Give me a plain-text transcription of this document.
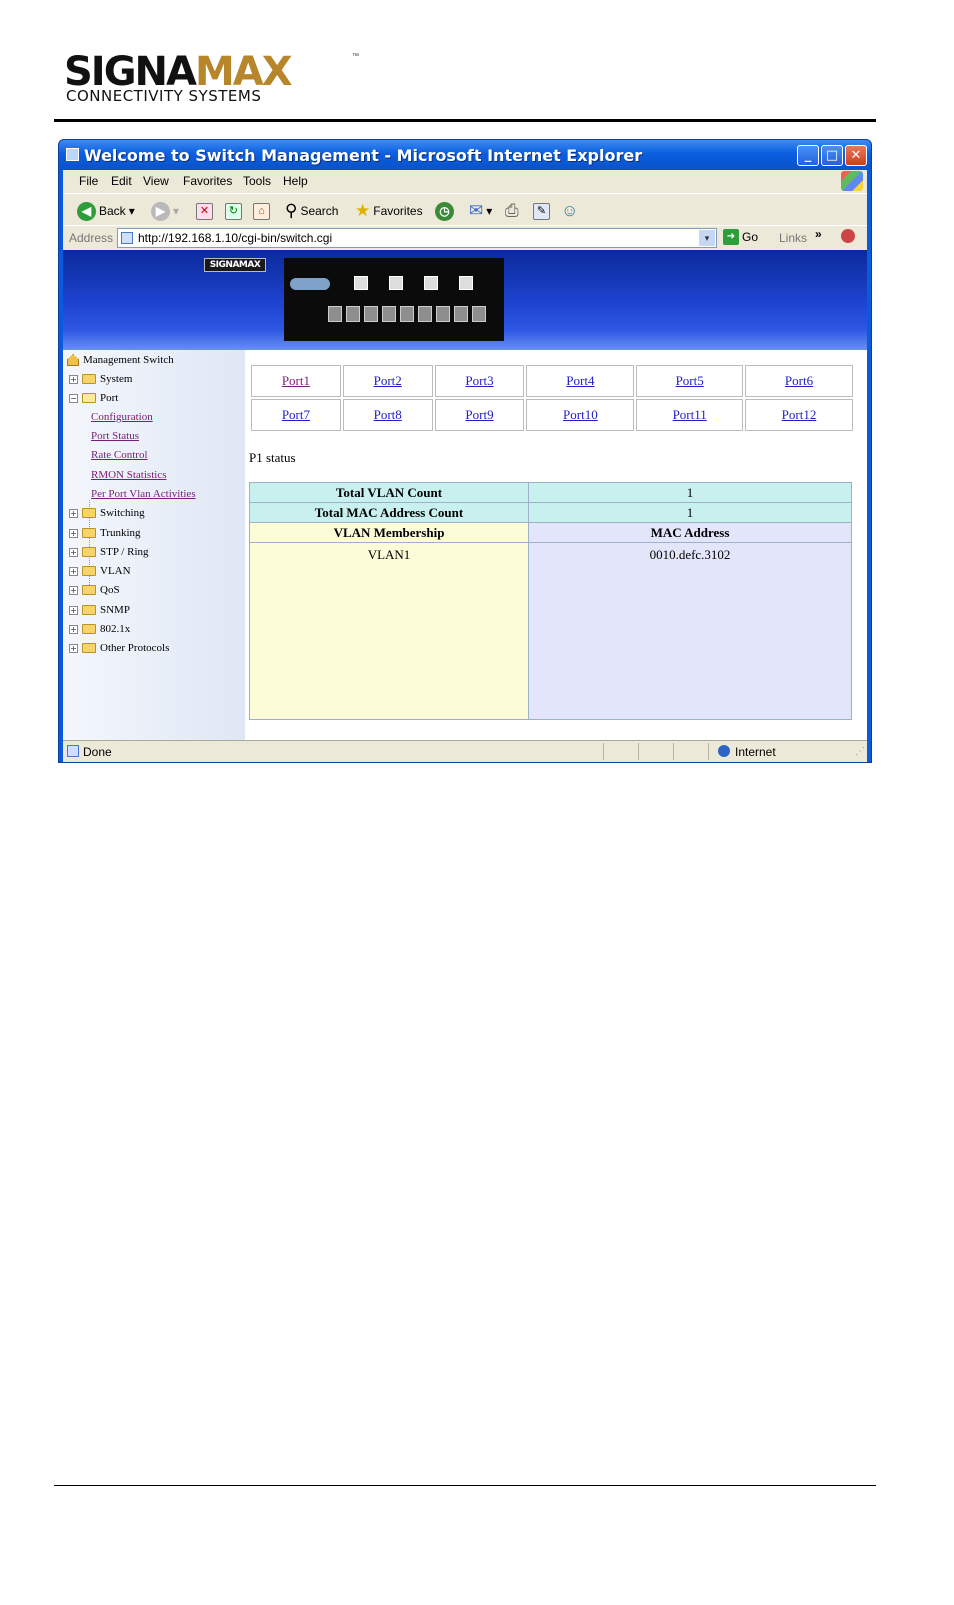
SIGNAMAX	™
CONNECTIVITY SYSTEMS
Welcome to Switch Management - Microsoft Internet Explorer	_	□ ✕
File Edit View Favorites Tools Help
◀ Back ▾	▶ ▾	✕	↻	⌂	⚲ Search ★ Favorites	◷ ✉ ▾ ⎙	✎ ☺
Address http://192.168.1.10/cgi-bin/switch.cgi	▾	➜ Go Links »
SIGNAMAX
Management Switch
+ System
− Port
Configuration
Port Status
Rate Control
RMON Statistics
Per Port Vlan Activities
+ Switching
+ Trunking
+ STP / Ring
+ VLAN
+ QoS
+ SNMP
+ 802.1x
+ Other Protocols
Port1	Port2	Port3	Port4	Port5	Port6
Port7	Port8	Port9	Port10	Port11	Port12
P1 status
Total VLAN Count	1
Total MAC Address Count	1
VLAN Membership	MAC Address
VLAN1	0010.defc.3102
Done	Internet	⋰
